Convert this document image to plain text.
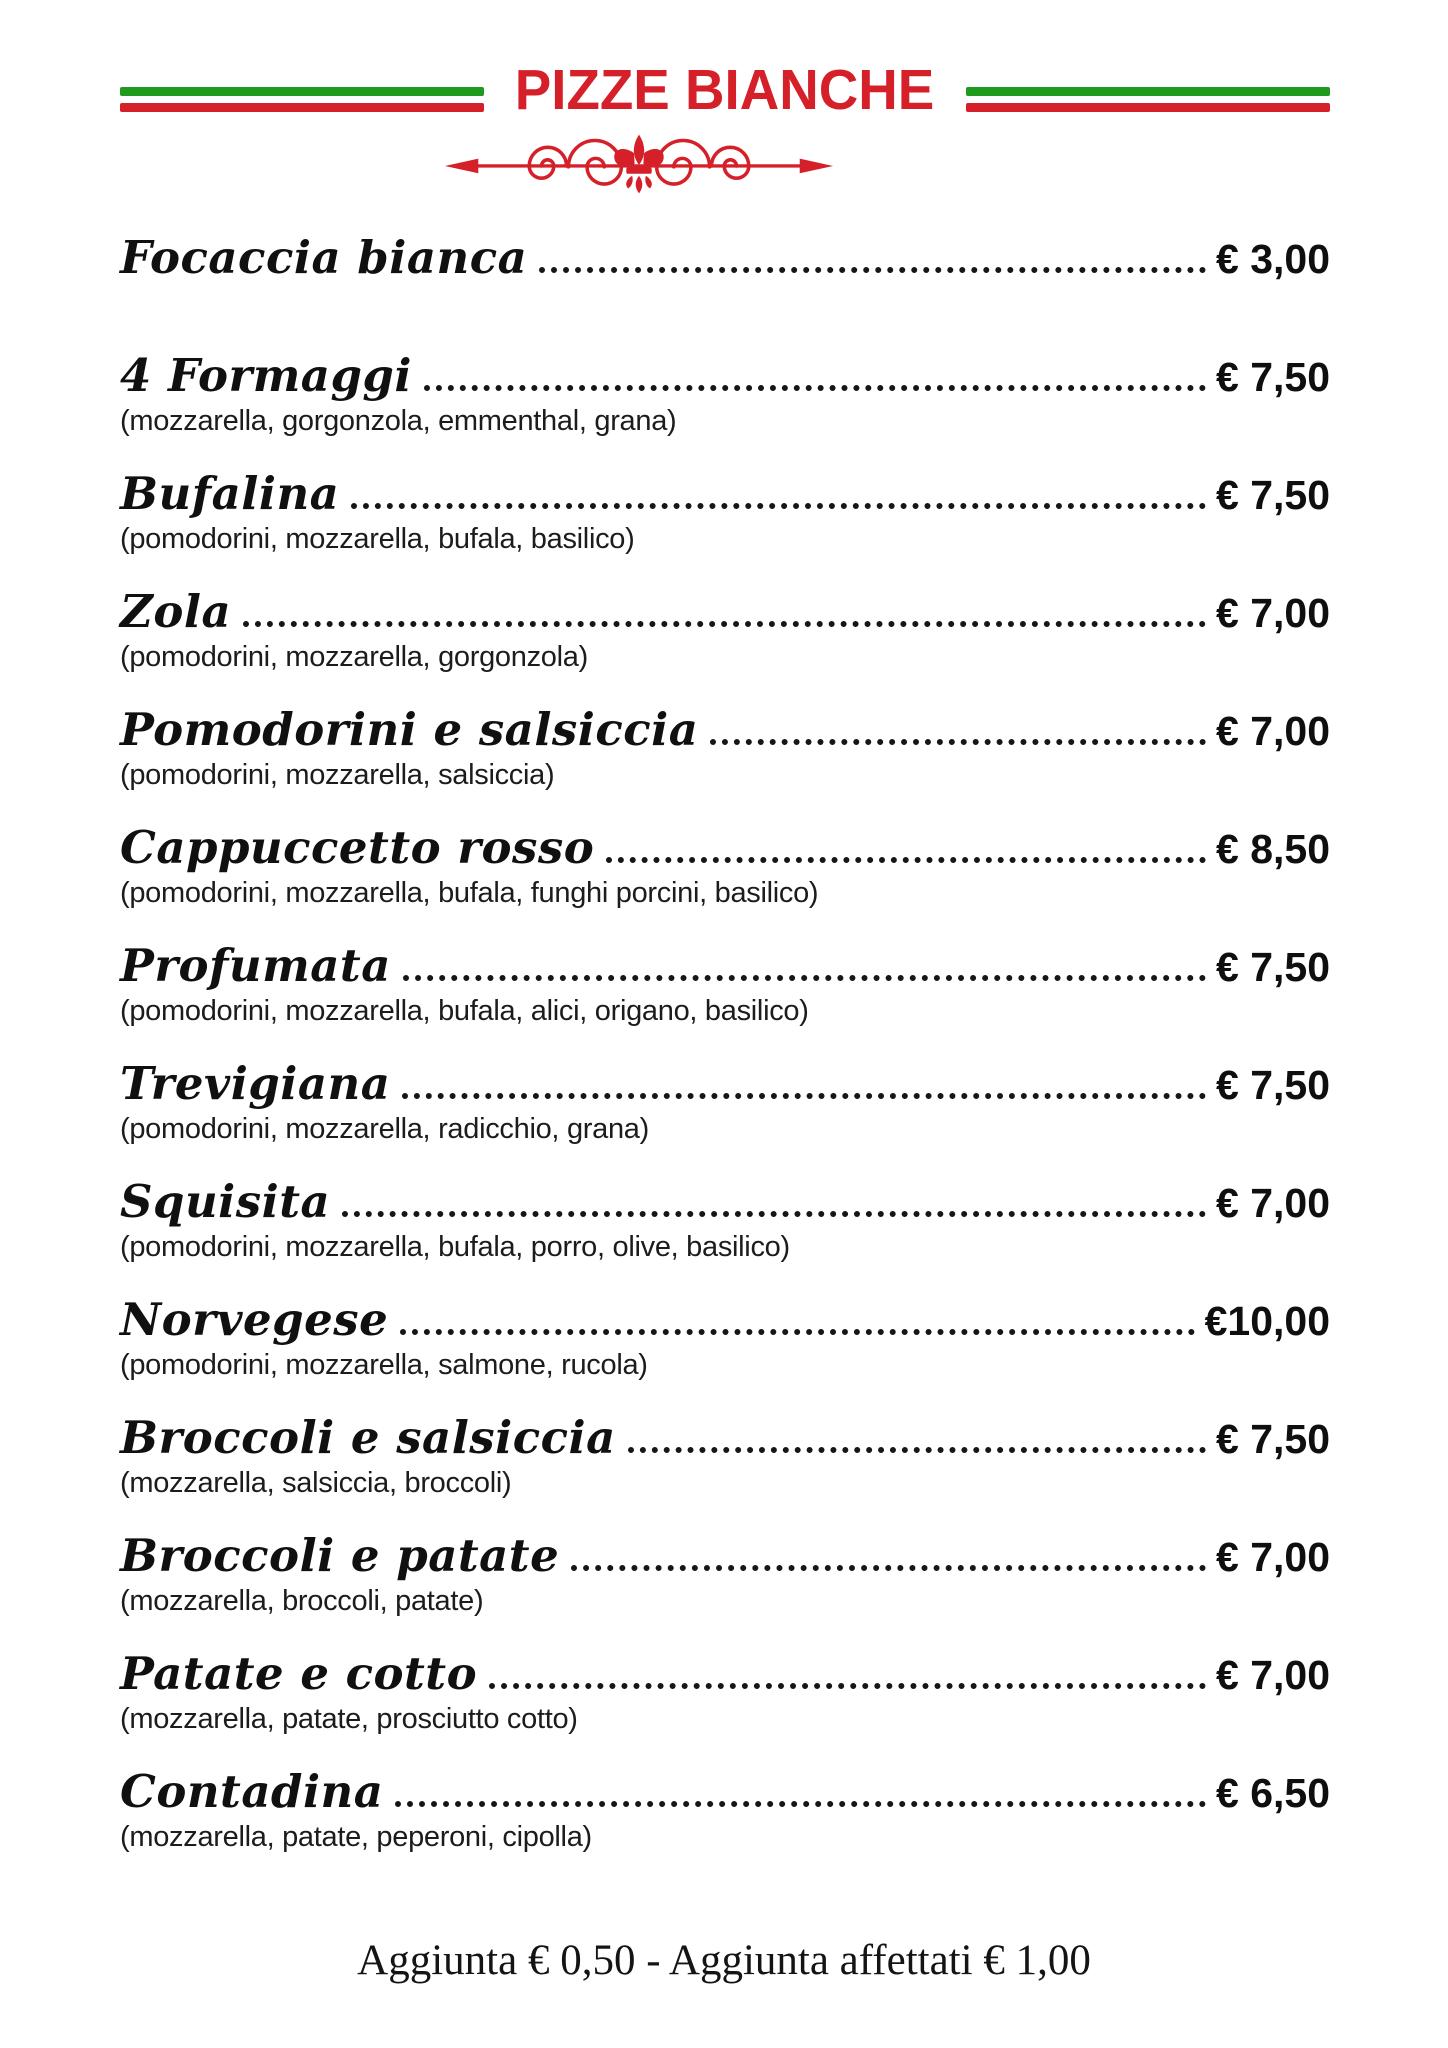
PIZZE BIANCHE
Focaccia bianca	€ 3,00
4 Formaggi	€ 7,50
(mozzarella, gorgonzola, emmenthal, grana)
Bufalina	€ 7,50
(pomodorini, mozzarella, bufala, basilico)
Zola	€ 7,00
(pomodorini, mozzarella, gorgonzola)
Pomodorini e salsiccia	€ 7,00
(pomodorini, mozzarella, salsiccia)
Cappuccetto rosso	€ 8,50
(pomodorini, mozzarella, bufala, funghi porcini, basilico)
Profumata	€ 7,50
(pomodorini, mozzarella, bufala, alici, origano, basilico)
Trevigiana	€ 7,50
(pomodorini, mozzarella, radicchio, grana)
Squisita	€ 7,00
(pomodorini, mozzarella, bufala, porro, olive, basilico)
Norvegese	€10,00
(pomodorini, mozzarella, salmone, rucola)
Broccoli e salsiccia	€ 7,50
(mozzarella, salsiccia, broccoli)
Broccoli e patate	€ 7,00
(mozzarella, broccoli, patate)
Patate e cotto	€ 7,00
(mozzarella, patate, prosciutto cotto)
Contadina	€ 6,50
(mozzarella, patate, peperoni, cipolla)
Aggiunta € 0,50 - Aggiunta affettati € 1,00
